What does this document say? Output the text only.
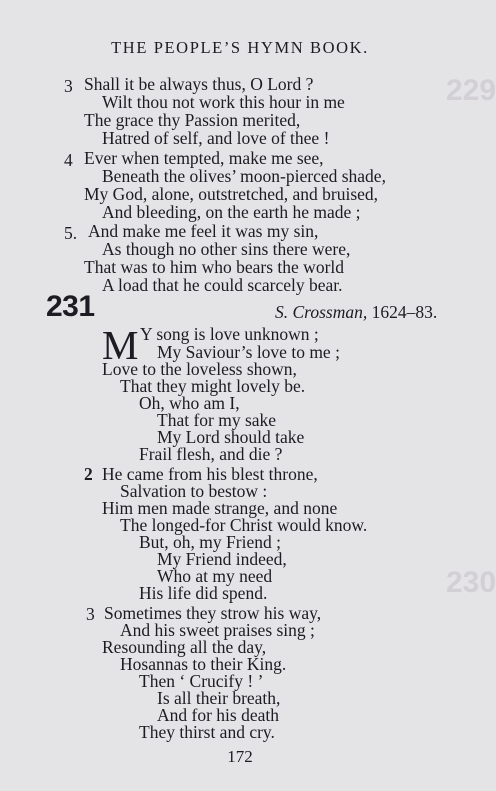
229
230
THE PEOPLE’S HYMN BOOK.
3 Shall it be always thus, O Lord ?
Wilt thou not work this hour in me
The grace thy Passion merited,
Hatred of self, and love of thee !
4 Ever when tempted, make me see,
Beneath the olives’ moon-pierced shade,
My God, alone, outstretched, and bruised,
And bleeding, on the earth he made ;
5. And make me feel it was my sin,
As though no other sins there were,
That was to him who bears the world
A load that he could scarcely bear.
231	S. Crossman, 1624–83.
M Y song is love unknown ;
My Saviour’s love to me ;
Love to the loveless shown,
That they might lovely be.
Oh, who am I,
That for my sake
My Lord should take
Frail flesh, and die ?
2 He came from his blest throne,
Salvation to bestow :
Him men made strange, and none
The longed-for Christ would know.
But, oh, my Friend ;
My Friend indeed,
Who at my need
His life did spend.
3 Sometimes they strow his way,
And his sweet praises sing ;
Resounding all the day,
Hosannas to their King.
Then ‘ Crucify ! ’
Is all their breath,
And for his death
They thirst and cry.
172
